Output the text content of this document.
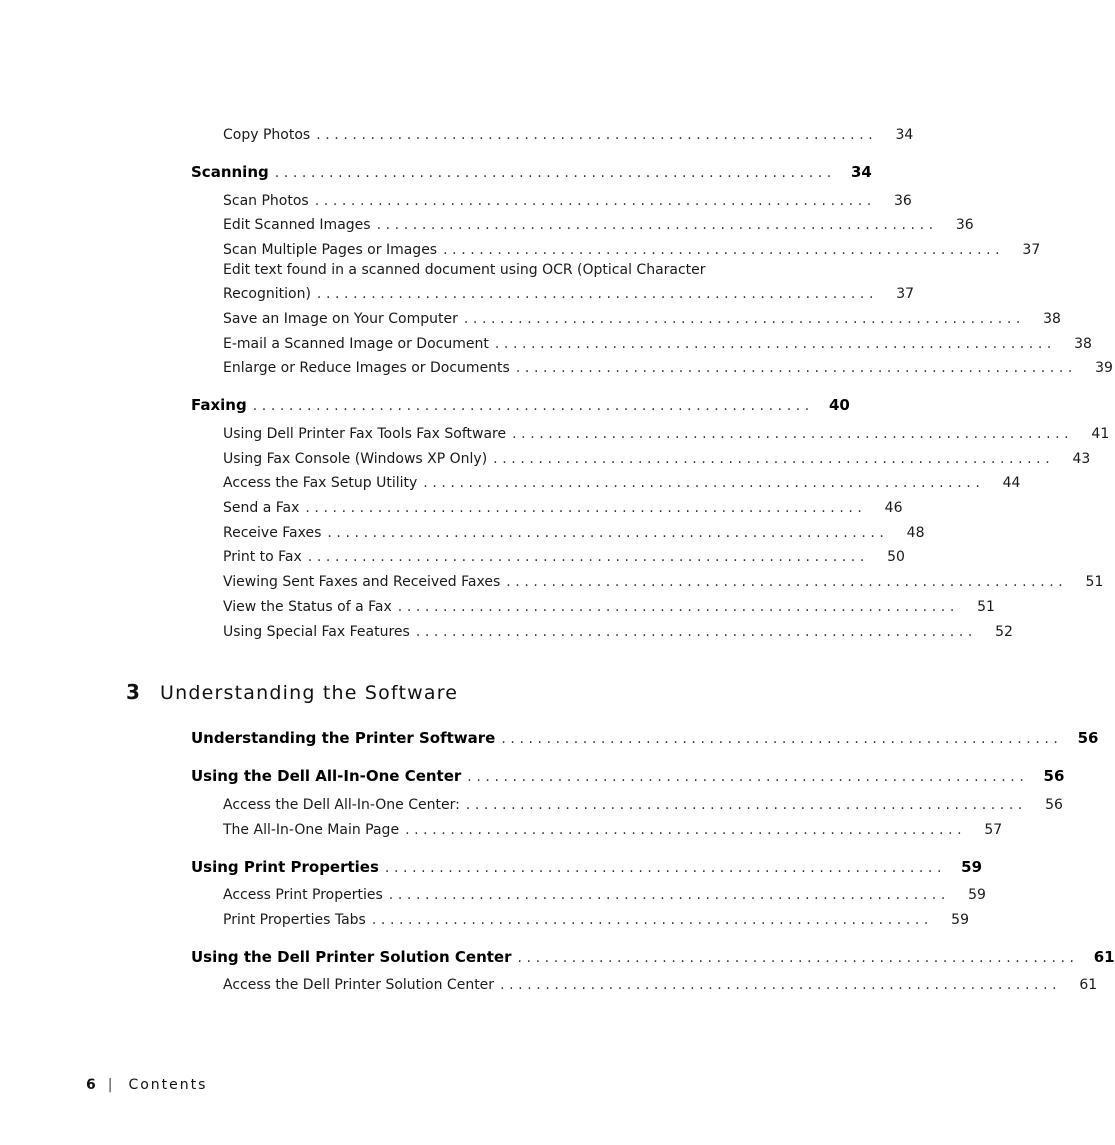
Copy Photos ..............................................................	34
Scanning ..............................................................	34
Scan Photos ..............................................................	36
Edit Scanned Images ..............................................................	36
Scan Multiple Pages or Images ..............................................................	37
Edit text found in a scanned document using OCR (Optical Character
Recognition) ..............................................................	37
Save an Image on Your Computer ..............................................................	38
E-mail a Scanned Image or Document ..............................................................	38
Enlarge or Reduce Images or Documents ..............................................................	39
Faxing ..............................................................	40
Using Dell Printer Fax Tools Fax Software ..............................................................	41
Using Fax Console (Windows XP Only) ..............................................................	43
Access the Fax Setup Utility ..............................................................	44
Send a Fax ..............................................................	46
Receive Faxes ..............................................................	48
Print to Fax ..............................................................	50
Viewing Sent Faxes and Received Faxes ..............................................................	51
View the Status of a Fax ..............................................................	51
Using Special Fax Features ..............................................................	52
3	Understanding the Software
Understanding the Printer Software ..............................................................	56
Using the Dell All-In-One Center ..............................................................	56
Access the Dell All-In-One Center: ..............................................................	56
The All-In-One Main Page ..............................................................	57
Using Print Properties ..............................................................	59
Access Print Properties ..............................................................	59
Print Properties Tabs ..............................................................	59
Using the Dell Printer Solution Center ..............................................................	61
Access the Dell Printer Solution Center ..............................................................	61
6 | Contents
